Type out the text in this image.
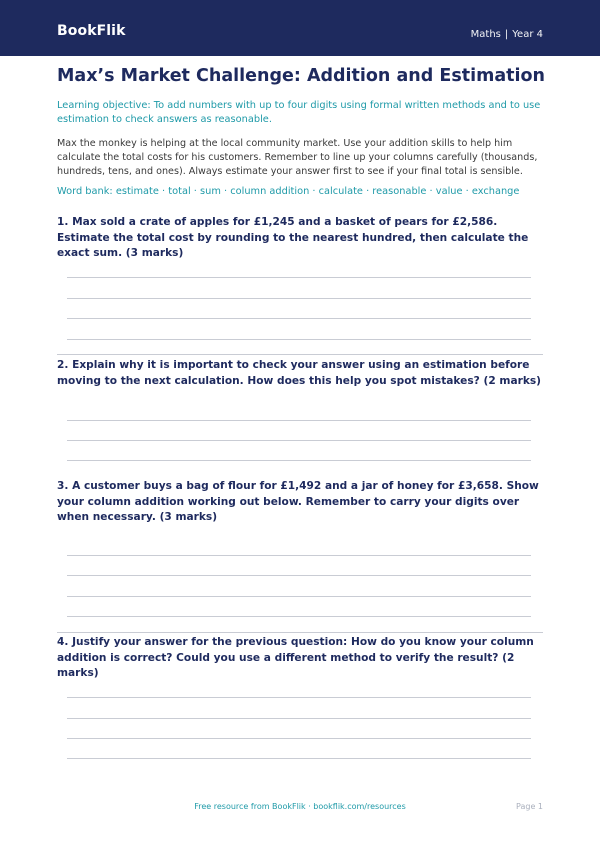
BookFlik	Maths | Year 4
Max’s Market Challenge: Addition and Estimation
Learning objective: To add numbers with up to four digits using formal written methods and to use estimation to check answers as reasonable.
Max the monkey is helping at the local community market. Use your addition skills to help him calculate the total costs for his customers. Remember to line up your columns carefully (thousands, hundreds, tens, and ones). Always estimate your answer first to see if your final total is sensible.
Word bank: estimate · total · sum · column addition · calculate · reasonable · value · exchange
1. Max sold a crate of apples for £1,245 and a basket of pears for £2,586. Estimate the total cost by rounding to the nearest hundred, then calculate the exact sum. (3 marks)
2. Explain why it is important to check your answer using an estimation before moving to the next calculation. How does this help you spot mistakes? (2 marks)
3. A customer buys a bag of flour for £1,492 and a jar of honey for £3,658. Show your column addition working out below. Remember to carry your digits over when necessary. (3 marks)
4. Justify your answer for the previous question: How do you know your column addition is correct? Could you use a different method to verify the result? (2 marks)
Free resource from BookFlik · bookflik.com/resources	Page 1
